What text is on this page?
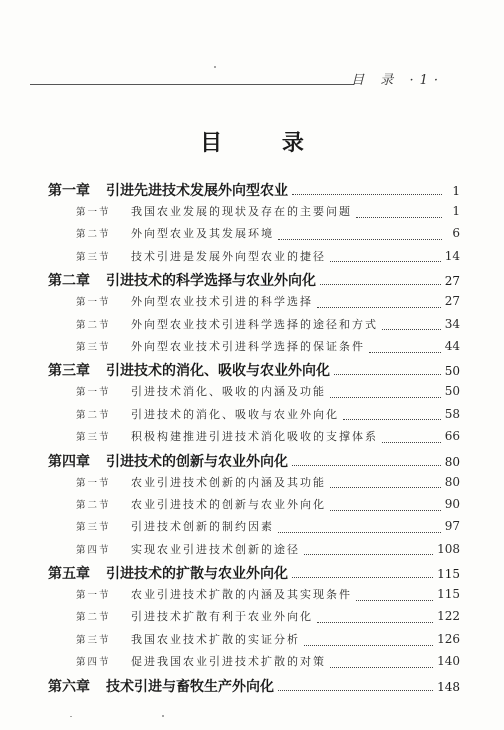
目 录 ·1·
目 录
第一章	引进先进技术发展外向型农业	1
第一节	我国农业发展的现状及存在的主要问题	1
第二节	外向型农业及其发展环境	6
第三节	技术引进是发展外向型农业的捷径	14
第二章	引进技术的科学选择与农业外向化	27
第一节	外向型农业技术引进的科学选择	27
第二节	外向型农业技术引进科学选择的途径和方式	34
第三节	外向型农业技术引进科学选择的保证条件	44
第三章	引进技术的消化、吸收与农业外向化	50
第一节	引进技术消化、吸收的内涵及功能	50
第二节	引进技术的消化、吸收与农业外向化	58
第三节	积极构建推进引进技术消化吸收的支撑体系	66
第四章	引进技术的创新与农业外向化	80
第一节	农业引进技术创新的内涵及其功能	80
第二节	农业引进技术的创新与农业外向化	90
第三节	引进技术创新的制约因素	97
第四节	实现农业引进技术创新的途径	108
第五章	引进技术的扩散与农业外向化	115
第一节	农业引进技术扩散的内涵及其实现条件	115
第二节	引进技术扩散有利于农业外向化	122
第三节	我国农业技术扩散的实证分析	126
第四节	促进我国农业引进技术扩散的对策	140
第六章	技术引进与畜牧生产外向化	148
